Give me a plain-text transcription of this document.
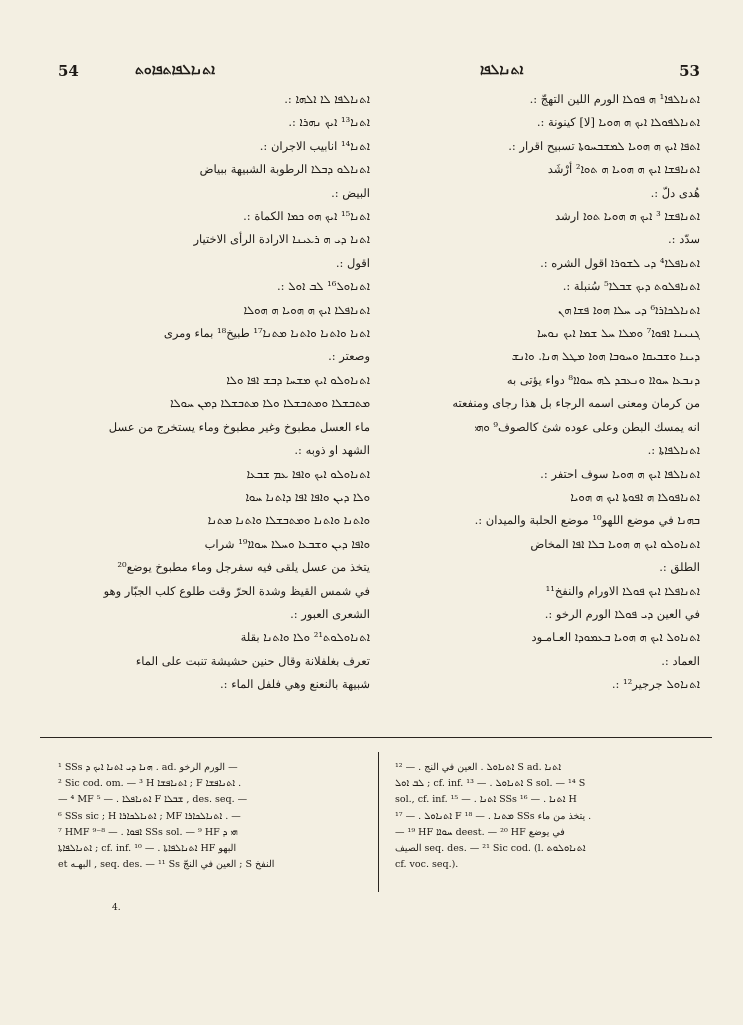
54	ܐܬܢܐܠܦܐܬܦܐܘܬ	ܐܬܢܐܠܦܐ	53

ܐܬܢܐܠܦܐ ܠܐ ܐܠܗܐ :.

ܐܬܢܐ¹³ ܐܝܟ ܢܗܪܐ :.

ܐܬܢܐ¹⁴ انابيب الاجران :.

ܐܬܢܐܠܘ ܕܒܠܐ الرطوبة الشبيهة ببياض

البيض :.

ܐܬܢܐ¹⁵ ܐܝܟ ܗܘ ܟܡܐ الكماة :.

ܐܬܢܐ ܕܝ ܗ ܪܥܝܢܐ الارادة الرأى الاختيار

اقول :.

ܐܬܢܐܘܠ¹⁶ ܠܒ ܐܘܠ :.

ܐܬܢܐܦܠܐ ܐܝܟ ܗ ܗܘܝܐ ܗ ܗܘܠܐ

ܐܬܢܐ ܘܐܬܢܐ ܘܐܬܢܐ ܡܬܢܐ¹⁷ طبيخ¹⁸ بماء ومرى

وصعتر :.

ܐܬܢܐܘܠܘ ܐܝܟ ܡܫܚܐ ܕܒܫ ܐܦܐ ܘܠܐ

ܡܬܒܫܠܐ ܘܡܬܒܫܠܐ ܘܠܐ ܡܬܒܫܠܐ ܕܡܢ ܚܘܠܐ

ماء العسل مطبوخ وغير مطبوخ وماء يستخرج من عسل

الشهد او ذوبه :.

ܐܬܢܐܘܠܘ ܐܝܟ ܘܐܦܐ ܥܡ ܫܒܥܐ

ܘܠܐ ܕܝܢ ܘܐܦܐ ܐܦܐ ܕܐܬܢܐ ܚܘܐ

ܘܐܬܢܐ ܘܐܬܢܐ ܘܡܬܒܫܠܐ ܘܐܬܢܐ ܡܬܢܐ

ܘܐܦܐ ܕܝܢ ܘܫܒܥܐ ܘܚܠܐ ܚܘܐܐ¹⁹ شراب

يتخذ من عسل يلقى فيه سفرجل وماء مطبوخ يوضع²⁰

في شمس القيظ وشدة الحرّ وقت طلوع كلب الجبّار وهو

الشعرى العبور :.

ܐܬܢܐܘܠܘܬ²¹ ܘܠܐ ܘܐܬܢܐ بقلة

تعرف بغلفلانة وقال حنين حشيشة تنبت على الماء

شبيهة بالنعنع وهي فلفل الماء :.

ܐܬܢܐܠܦܐ¹ ܗ ܦܘܠܐ الورم اللين التهجّ :.

ܐܬܢܐܠܦܘܠܐ ܐܝܟ ܗ ܗܘܝܐ [لا] كينونة :.

ܐܬܦܐ ܐܝܟ ܗ ܗܘܝܐ ܠܡܫܒܚܘܬܐ تسبيح اقرار :.

ܐܬܢܐܦܫܐ ܐܝܟ ܗ ܗܘܝܐ ܗ ܬܘܐ² أرْشَد

هُدى دلّ :.

ܐܬܢܐܦܫܐ ³ ܐܝܟ ܗ ܗܘܝܐ ܬܘܐ ارشد

سدّد :.

ܐܬܢܐܦܠܐ⁴ ܕܝ ܠܫܘܪܐ اقول الشره :.

ܐܬܢܐܦܠܘܬ ܕܝܟ ܫܒܠܐ⁵ سُنبلة :.

ܐܬܢܐܠܟܐܪܐ⁶ ܕܝ ܚܠܐ ܗܘܐ ܦܫܐ ܗܢ

ܓܢܝܢܐ ܐܦܘܐ⁷ ܘܡܠܐ ܚܠ ܫܡܐ ܐܝܟ ܢܘܚܐ

ܕܝܢܐ ܘܫܒܝܩܐ ܘܚܘܒܐ ܗܘܐ ܡܛܠ ܗܢܐ. ܘܐܢܫ

ܕܢܒܥܐ ܚܘܐܐ ܘܢܥܒܕ ܠܗ ܚܘܐܐ⁸ دواء يؤتى به

من كرمان ومعنى اسمه الرجاء بل هذا رجاى ومنفعته

انه يمسك البطن وعلى عوده شئ كالصوف⁹ ܘܗܝ

ܐܬܢܐܠܦܐܬܐ :.

ܐܬܢܐܠܦܐ ܐܝܟ ܗ ܗܘܝܐ سوف احتفر :.

ܐܬܢܐܦܘܠܐ ܗ ܐܦܘܬܐ ܐܝܟ ܗ ܗܘܝܐ

ܒܗܢܐ في موضع اللهو¹⁰ موضع الحلبة والميدان :.

ܐܬܢܐܘܠܘ ܐܝܟ ܗ ܗܘܝܐ ܒܠܐ ܐܦܐ المخاض

الطلق :.

ܐܬܢܐܦܠܐ ܐܝܟ ܦܘܠܐ الاورام والنفخ¹¹

في العين ܕܝ ܦܘܠܐ الورم الرخو :.

ܐܬܢܐܘܠ ܐܝܟ ܗ ܗܘܝܐ ܒܥܡܘܕܐ العـامـود

العماد :.

ܐܬܢܐܘܠ جرجير¹² :.

¹ SSs ܗܢܐ ܕܝ ܐܬܢܐ ܐܝܟ ܕ . ad. الورم الرخو —

² Sic cod. om. — ³ H ܐܬܢܐܦܫܐ ; F ܐܬܢܐܦܫܐ .

— ⁴ MF ܐܬܢܐܦܠܐ . — ⁵ F ܫܒܠܐ , des. seq. —

⁶ SSs sic ; H ܐܬܢܐܠܟܐܪܐ ; MF ܐܬܢܐܠܟܐܪܐ . —

⁷ HMF ܐܦܘܐ . — ⁸⁻⁹ SSs sol. — ⁹ HF ܗܝ ܕ

ܐܬܢܐܠܦܐܬܐ ; cf. inf. ܐܬܢܐܠܦܐܬܐ . — ¹⁰ HF البهو

et البهـه , seq. des. — ¹¹ Ss العين في النجّ ; S النفخ

ܐܬܢܐܘܠ . العين في النج . — ¹² S ad. ܐܬܢܐ

ܠܒ ܐܘܠ ; cf. inf. ܐܬܢܐܘܠ . — ¹³ S sol. — ¹⁴ S

sol., cf. inf. ܐܬܢܐ . — ¹⁵ SSs ܐܬܢܐ . — ¹⁶ H

ܐܬܢܐܘܠ . — ¹⁷ F ܡܬܢܐ . — ¹⁸ SSs يتخذ من ماء .

— ¹⁹ HF ܚܘܐܐ deest. — ²⁰ HF في يوضع

الصيف seq. des. — ²¹ Sic cod. (l. ܐܬܢܐܘܠܘܬ

cf. voc. seq.).

4.
